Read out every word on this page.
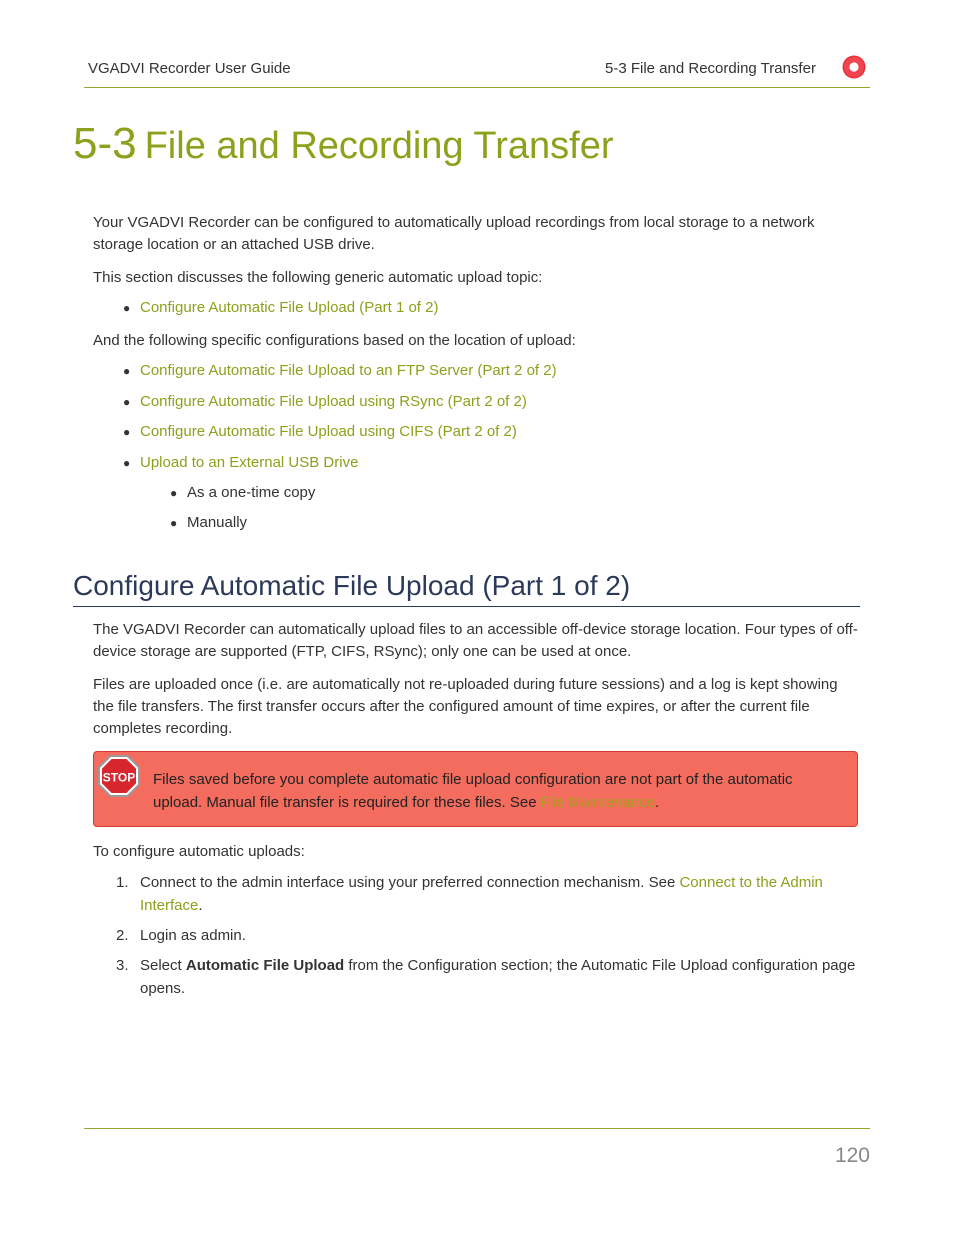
VGADVI Recorder User Guide	5-3 File and Recording Transfer
5-3 File and Recording Transfer

Your VGADVI Recorder can be configured to automatically upload recordings from local storage to a network storage location or an attached USB drive.

This section discusses the following generic automatic upload topic:

● Configure Automatic File Upload (Part 1 of 2)

And the following specific configurations based on the location of upload:

● Configure Automatic File Upload to an FTP Server (Part 2 of 2)
● Configure Automatic File Upload using RSync (Part 2 of 2)
● Configure Automatic File Upload using CIFS (Part 2 of 2)
● Upload to an External USB Drive
● As a one-time copy
● Manually
Configure Automatic File Upload (Part 1 of 2)

The VGADVI Recorder can automatically upload files to an accessible off-device storage location. Four types of off-device storage are supported (FTP, CIFS, RSync); only one can be used at once.

Files are uploaded once (i.e. are automatically not re-uploaded during future sessions) and a log is kept showing the file transfers. The first transfer occurs after the configured amount of time expires, or after the current file completes recording.

STOP Files saved before you complete automatic file upload configuration are not part of the automatic upload. Manual file transfer is required for these files. See File Maintenance.

To configure automatic uploads:

1. Connect to the admin interface using your preferred connection mechanism. See Connect to the Admin Interface.
2. Login as admin.
3. Select Automatic File Upload from the Configuration section; the Automatic File Upload configuration page opens.
120
